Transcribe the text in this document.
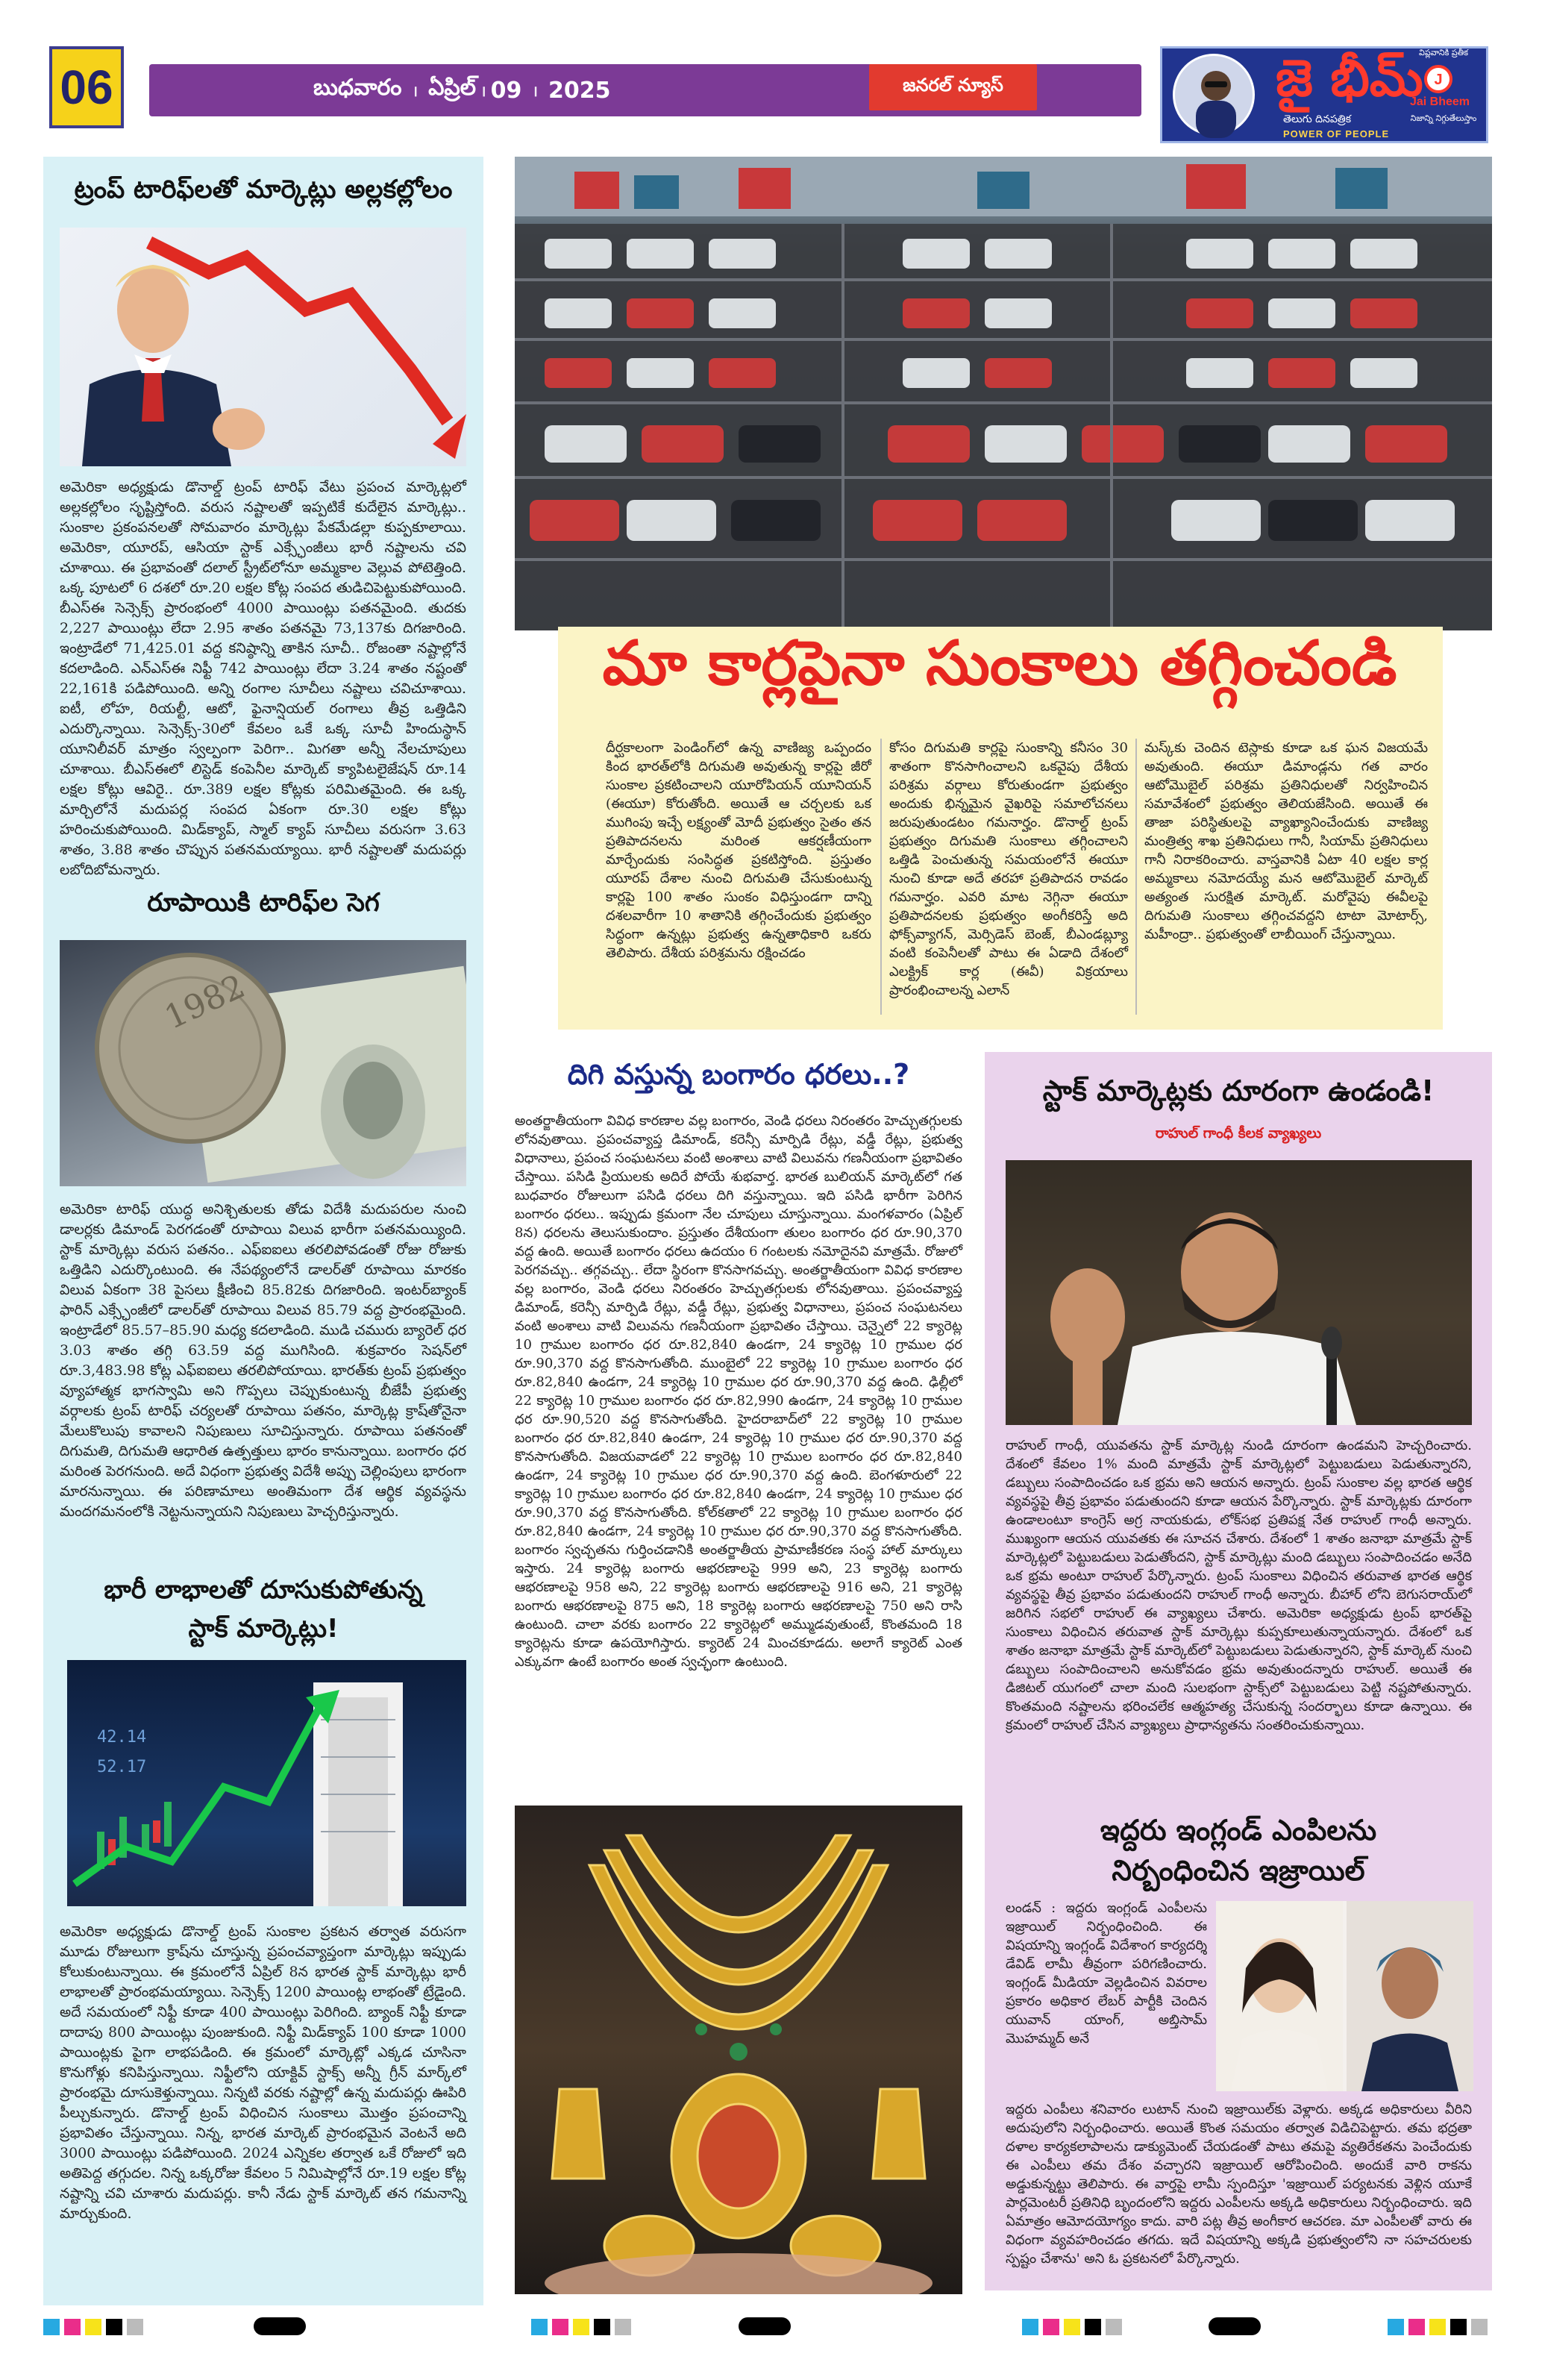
06	బుధవారం । ఏప్రిల్ । 09 । 2025	జనరల్ న్యూస్	జై భీమ్
తెలుగు దినపత్రిక
POWER OF PEOPLE
J
Jai Bheem
విప్లవానికి ప్రతీక
నిజాన్ని నిగ్గుతేలుస్తాం
ట్రంప్ టారిఫ్‌లతో మార్కెట్లు అల్లకల్లోలం
అమెరికా అధ్యక్షుడు డొనాల్డ్ ట్రంప్ టారిఫ్ వేటు ప్రపంచ మార్కెట్లలో అల్లకల్లోలం సృష్టిస్తోంది. వరుస నష్టాలతో ఇప్పటికే కుదేలైన మార్కెట్లు.. సుంకాల ప్రకంపనలతో సోమవారం మార్కెట్లు పేకమేడల్లా కుప్పకూలాయి. అమెరికా, యూరప్, ఆసియా స్టాక్ ఎక్స్ఛేంజీలు భారీ నష్టాలను చవి చూశాయి. ఈ ప్రభావంతో దలాల్ స్ట్రీట్‌లోనూ అమ్మకాల వెల్లువ పోటెత్తింది. ఒక్క పూటలో 6 దశలో రూ.20 లక్షల కోట్ల సంపద తుడిచిపెట్టుకుపోయింది. బీఎస్‌ఈ సెన్సెక్స్ ప్రారంభంలో 4000 పాయింట్లు పతనమైంది. తుదకు 2,227 పాయింట్లు లేదా 2.95 శాతం పతనమై 73,137కు దిగజారింది. ఇంట్రాడేలో 71,425.01 వద్ద కనిష్ఠాన్ని తాకిన సూచీ.. రోజంతా నష్టాల్లోనే కదలాడింది. ఎన్‌ఎస్‌ఈ నిఫ్టీ 742 పాయింట్లు లేదా 3.24 శాతం నష్టంతో 22,161కి పడిపోయింది. అన్ని రంగాల సూచీలు నష్టాలు చవిచూశాయి. ఐటీ, లోహ, రియల్టీ, ఆటో, ఫైనాన్షియల్ రంగాలు తీవ్ర ఒత్తిడిని ఎదుర్కొన్నాయి. సెన్సెక్స్-30లో కేవలం ఒకే ఒక్క సూచీ హిందుస్థాన్ యూనిలీవర్ మాత్రం స్వల్పంగా పెరిగా.. మిగతా అన్నీ నేలచూపులు చూశాయి. బీఎస్‌ఈలో లిస్టెడ్ కంపెనీల మార్కెట్ క్యాపిటలైజేషన్ రూ.14 లక్షల కోట్లు ఆవిరై.. రూ.389 లక్షల కోట్లకు పరిమితమైంది. ఈ ఒక్క మార్చిలోనే మదుపర్ల సంపద ఏకంగా రూ.30 లక్షల కోట్లు హరించుకుపోయింది. మిడ్‌క్యాప్, స్మాల్ క్యాప్ సూచీలు వరుసగా 3.63 శాతం, 3.88 శాతం చొప్పున పతనమయ్యాయి. భారీ నష్టాలతో మదుపర్లు లబోదిబోమన్నారు.
రూపాయికి టారిఫ్‌ల సెగ
1982
అమెరికా టారిఫ్ యుద్ధ అనిశ్చితులకు తోడు విదేశీ మదుపరుల నుంచి డాలర్లకు డిమాండ్ పెరగడంతో రూపాయి విలువ భారీగా పతనమయ్యింది. స్టాక్ మార్కెట్లు వరుస పతనం.. ఎఫ్‌ఐఐలు తరలిపోవడంతో రోజు రోజుకు ఒత్తిడిని ఎదుర్కొంటుంది. ఈ నేపథ్యంలోనే డాలర్‌తో రూపాయి మారకం విలువ ఏకంగా 38 పైసలు క్షీణించి 85.82కు దిగజారింది. ఇంటర్‌బ్యాంక్ ఫారిన్ ఎక్స్ఛేంజీలో డాలర్‌తో రూపాయి విలువ 85.79 వద్ద ప్రారంభమైంది. ఇంట్రాడేలో 85.57–85.90 మధ్య కదలాడింది. ముడి చమురు బ్యారెల్ ధర 3.03 శాతం తగ్గి 63.59 వద్ద ముగిసింది. శుక్రవారం సెషన్‌లో రూ.3,483.98 కోట్ల ఎఫ్‌ఐఐలు తరలిపోయాయి. భారత్‌కు ట్రంప్ ప్రభుత్వం వ్యూహాత్మక భాగస్వామి అని గొప్పలు చెప్పుకుంటున్న బీజేపీ ప్రభుత్వ వర్గాలకు ట్రంప్ టారిఫ్ చర్యలతో రూపాయి పతనం, మార్కెట్ల క్రాష్‌తోనైనా మేలుకొలుపు కావాలని నిపుణులు సూచిస్తున్నారు. రూపాయి పతనంతో దిగుమతి, దిగుమతి ఆధారిత ఉత్పత్తులు భారం కానున్నాయి. బంగారం ధర మరింత పెరగనుంది. అదే విధంగా ప్రభుత్వ విదేశీ అప్పు చెల్లింపులు భారంగా మారనున్నాయి. ఈ పరిణామాలు అంతిమంగా దేశ ఆర్థిక వ్యవస్థను మందగమనంలోకి నెట్టనున్నాయని నిపుణులు హెచ్చరిస్తున్నారు.
భారీ లాభాలతో దూసుకుపోతున్న
స్టాక్ మార్కెట్లు!
42.14
52.17
అమెరికా అధ్యక్షుడు డొనాల్డ్ ట్రంప్ సుంకాల ప్రకటన తర్వాత వరుసగా మూడు రోజులుగా క్రాష్‌ను చూస్తున్న ప్రపంచవ్యాప్తంగా మార్కెట్లు ఇప్పుడు కోలుకుంటున్నాయి. ఈ క్రమంలోనే ఏప్రిల్ 8న భారత స్టాక్ మార్కెట్లు భారీ లాభాలతో ప్రారంభమయ్యాయి. సెన్సెక్స్ 1200 పాయింట్ల లాభంతో ట్రేడైంది. అదే సమయంలో నిఫ్టీ కూడా 400 పాయింట్లు పెరిగింది. బ్యాంక్ నిఫ్టీ కూడా దాదాపు 800 పాయింట్లు పుంజుకుంది. నిఫ్టీ మిడ్‌క్యాప్ 100 కూడా 1000 పాయింట్లకు పైగా లాభపడింది. ఈ క్రమంలో మార్కెట్లో ఎక్కడ చూసినా కొనుగోళ్లు కనిపిస్తున్నాయి. నిఫ్టీలోని యాక్టివ్ స్టాక్స్ అన్నీ గ్రీన్ మార్క్‌లో ప్రారంభమై దూసుకెళ్తున్నాయి. నిన్నటి వరకు నష్టాల్లో ఉన్న మదుపర్లు ఊపిరి పీల్చుకున్నారు. డొనాల్డ్ ట్రంప్ విధించిన సుంకాలు మొత్తం ప్రపంచాన్ని ప్రభావితం చేస్తున్నాయి. నిన్న, భారత మార్కెట్ ప్రారంభమైన వెంటనే అది 3000 పాయింట్లు పడిపోయింది. 2024 ఎన్నికల తర్వాత ఒకే రోజులో ఇది అతిపెద్ద తగ్గుదల. నిన్న ఒక్కరోజు కేవలం 5 నిమిషాల్లోనే రూ.19 లక్షల కోట్ల నష్టాన్ని చవి చూశారు మదుపర్లు. కానీ నేడు స్టాక్ మార్కెట్ తన గమనాన్ని మార్చుకుంది.
మా కార్లపైనా సుంకాలు తగ్గించండి
దీర్ఘకాలంగా పెండింగ్‌లో ఉన్న వాణిజ్య ఒప్పందం కింద భారత్‌లోకి దిగుమతి అవుతున్న కార్లపై జీరో సుంకాల ప్రకటించాలని యూరోపియన్ యూనియన్ (ఈయూ) కోరుతోంది. అయితే ఆ చర్చలకు ఒక ముగింపు ఇచ్చే లక్ష్యంతో మోదీ ప్రభుత్వం సైతం తన ప్రతిపాదనలను మరింత ఆకర్షణీయంగా మార్చేందుకు సంసిద్ధత ప్రకటిస్తోంది. ప్రస్తుతం యూరప్ దేశాల నుంచి దిగుమతి చేసుకుంటున్న కార్లపై 100 శాతం సుంకం విధిస్తుండగా దాన్ని దశలవారీగా 10 శాతానికి తగ్గించేందుకు ప్రభుత్వం సిద్ధంగా ఉన్నట్లు ప్రభుత్వ ఉన్నతాధికారి ఒకరు తెలిపారు. దేశీయ పరిశ్రమను రక్షించడం
కోసం దిగుమతి కార్లపై సుంకాన్ని కనీసం 30 శాతంగా కొనసాగించాలని ఒకవైపు దేశీయ పరిశ్రమ వర్గాలు కోరుతుండగా ప్రభుత్వం అందుకు భిన్నమైన వైఖరిపై సమాలోచనలు జరుపుతుండటం గమనార్హం. డొనాల్డ్ ట్రంప్ ప్రభుత్వం దిగుమతి సుంకాలు తగ్గించాలని ఒత్తిడి పెంచుతున్న సమయంలోనే ఈయూ నుంచి కూడా అదే తరహా ప్రతిపాదన రావడం గమనార్హం. ఎవరి మాట నెగ్గినా ఈయూ ప్రతిపాదనలకు ప్రభుత్వం అంగీకరిస్తే అది ఫోక్స్‌వ్యాగన్, మెర్సిడెస్ బెంజ్, బీఎండబ్ల్యూ వంటి కంపెనీలతో పాటు ఈ ఏడాది దేశంలో ఎలక్ట్రిక్ కార్ల (ఈవీ) విక్రయాలు ప్రారంభించాలన్న ఎలాన్
మస్క్‌కు చెందిన టెస్లాకు కూడా ఒక ఘన విజయమే అవుతుంది. ఈయూ డిమాండ్లను గత వారం ఆటోమొబైల్ పరిశ్రమ ప్రతినిధులతో నిర్వహించిన సమావేశంలో ప్రభుత్వం తెలియజేసింది. అయితే ఈ తాజా పరిస్థితులపై వ్యాఖ్యానించేందుకు వాణిజ్య మంత్రిత్వ శాఖ ప్రతినిధులు గానీ, సియామ్ ప్రతినిధులు గానీ నిరాకరించారు. వాస్తవానికి ఏటా 40 లక్షల కార్ల అమ్మకాలు నమోదయ్యే మన ఆటోమొబైల్ మార్కెట్ అత్యంత సురక్షిత మార్కెట్. మరోవైపు ఈవీలపై దిగుమతి సుంకాలు తగ్గించవద్దని టాటా మోటార్స్, మహీంద్రా.. ప్రభుత్వంతో లాబీయింగ్ చేస్తున్నాయి.
దిగి వస్తున్న బంగారం ధరలు..?
అంతర్జాతీయంగా వివిధ కారణాల వల్ల బంగారం, వెండి ధరలు నిరంతరం హెచ్చుతగ్గులకు లోనవుతాయి. ప్రపంచవ్యాప్త డిమాండ్, కరెన్సీ మార్పిడి రేట్లు, వడ్డీ రేట్లు, ప్రభుత్వ విధానాలు, ప్రపంచ సంఘటనలు వంటి అంశాలు వాటి విలువను గణనీయంగా ప్రభావితం చేస్తాయి. పసిడి ప్రియులకు అదిరే పోయే శుభవార్త. భారత బులియన్ మార్కెట్‌లో గత బుధవారం రోజులుగా పసిడి ధరలు దిగి వస్తున్నాయి. ఇది పసిడి భారీగా పెరిగిన బంగారం ధరలు.. ఇప్పుడు క్రమంగా నేల చూపులు చూస్తున్నాయి. మంగళవారం (ఏప్రిల్ 8న) ధరలను తెలుసుకుందాం. ప్రస్తుతం దేశీయంగా తులం బంగారం ధర రూ.90,370 వద్ద ఉంది. అయితే బంగారం ధరలు ఉదయం 6 గంటలకు నమోదైనవి మాత్రమే. రోజులో పెరగవచ్చు.. తగ్గవచ్చు.. లేదా స్థిరంగా కొనసాగవచ్చు. అంతర్జాతీయంగా వివిధ కారణాల వల్ల బంగారం, వెండి ధరలు నిరంతరం హెచ్చుతగ్గులకు లోనవుతాయి. ప్రపంచవ్యాప్త డిమాండ్, కరెన్సీ మార్పిడి రేట్లు, వడ్డీ రేట్లు, ప్రభుత్వ విధానాలు, ప్రపంచ సంఘటనలు వంటి అంశాలు వాటి విలువను గణనీయంగా ప్రభావితం చేస్తాయి. చెన్నైలో 22 క్యారెట్ల 10 గ్రాముల బంగారం ధర రూ.82,840 ఉండగా, 24 క్యారెట్ల 10 గ్రాముల ధర రూ.90,370 వద్ద కొనసాగుతోంది. ముంబైలో 22 క్యారెట్ల 10 గ్రాముల బంగారం ధర రూ.82,840 ఉండగా, 24 క్యారెట్ల 10 గ్రాముల ధర రూ.90,370 వద్ద ఉంది. ఢిల్లీలో 22 క్యారెట్ల 10 గ్రాముల బంగారం ధర రూ.82,990 ఉండగా, 24 క్యారెట్ల 10 గ్రాముల ధర రూ.90,520 వద్ద కొనసాగుతోంది. హైదరాబాద్‌లో 22 క్యారెట్ల 10 గ్రాముల బంగారం ధర రూ.82,840 ఉండగా, 24 క్యారెట్ల 10 గ్రాముల ధర రూ.90,370 వద్ద కొనసాగుతోంది. విజయవాడలో 22 క్యారెట్ల 10 గ్రాముల బంగారం ధర రూ.82,840 ఉండగా, 24 క్యారెట్ల 10 గ్రాముల ధర రూ.90,370 వద్ద ఉంది. బెంగళూరులో 22 క్యారెట్ల 10 గ్రాముల బంగారం ధర రూ.82,840 ఉండగా, 24 క్యారెట్ల 10 గ్రాముల ధర రూ.90,370 వద్ద కొనసాగుతోంది. కోల్‌కతాలో 22 క్యారెట్ల 10 గ్రాముల బంగారం ధర రూ.82,840 ఉండగా, 24 క్యారెట్ల 10 గ్రాముల ధర రూ.90,370 వద్ద కొనసాగుతోంది. బంగారం స్వచ్ఛతను గుర్తించడానికి అంతర్జాతీయ ప్రామాణీకరణ సంస్థ హాల్ మార్కులు ఇస్తారు. 24 క్యారెట్ల బంగారు ఆభరణాలపై 999 అని, 23 క్యారెట్ల బంగారు ఆభరణాలపై 958 అని, 22 క్యారెట్ల బంగారు ఆభరణాలపై 916 అని, 21 క్యారెట్ల బంగారు ఆభరణాలపై 875 అని, 18 క్యారెట్ల బంగారు ఆభరణాలపై 750 అని రాసి ఉంటుంది. చాలా వరకు బంగారం 22 క్యారెట్లలో అమ్ముడవుతుంటే, కొంతమంది 18 క్యారెట్లను కూడా ఉపయోగిస్తారు. క్యారెట్ 24 మించకూడదు. అలాగే క్యారెట్ ఎంత ఎక్కువగా ఉంటే బంగారం అంత స్వచ్ఛంగా ఉంటుంది.
స్టాక్ మార్కెట్లకు దూరంగా ఉండండి!
రాహుల్ గాంధీ కీలక వ్యాఖ్యలు
రాహుల్ గాంధీ, యువతను స్టాక్ మార్కెట్ల నుండి దూరంగా ఉండమని హెచ్చరించారు. దేశంలో కేవలం 1% మంది మాత్రమే స్టాక్ మార్కెట్లలో పెట్టుబడులు పెడుతున్నారని, డబ్బులు సంపాదించడం ఒక భ్రమ అని ఆయన అన్నారు. ట్రంప్ సుంకాల వల్ల భారత ఆర్థిక వ్యవస్థపై తీవ్ర ప్రభావం పడుతుందని కూడా ఆయన పేర్కొన్నారు. స్టాక్ మార్కెట్లకు దూరంగా ఉండాలంటూ కాంగ్రెస్ అగ్ర నాయకుడు, లోక్‌సభ ప్రతిపక్ష నేత రాహుల్ గాంధీ అన్నారు. ముఖ్యంగా ఆయన యువతకు ఈ సూచన చేశారు. దేశంలో 1 శాతం జనాభా మాత్రమే స్టాక్ మార్కెట్లలో పెట్టుబడులు పెడుతోందని, స్టాక్ మార్కెట్లు మంది డబ్బులు సంపాదించడం అనేది ఒక భ్రమ అంటూ రాహుల్ పేర్కొన్నారు. ట్రంప్ సుంకాలు విధించిన తరువాత భారత ఆర్థిక వ్యవస్థపై తీవ్ర ప్రభావం పడుతుందని రాహుల్ గాంధీ అన్నారు. బీహార్ లోని బెగుసరాయ్‌లో జరిగిన సభలో రాహుల్ ఈ వ్యాఖ్యలు చేశారు. అమెరికా అధ్యక్షుడు ట్రంప్ భారత్‌పై సుంకాలు విధించిన తరువాత స్టాక్ మార్కెట్లు కుప్పకూలుతున్నాయన్నారు. దేశంలో ఒక శాతం జనాభా మాత్రమే స్టాక్ మార్కెట్‌లో పెట్టుబడులు పెడుతున్నారని, స్టాక్ మార్కెట్ నుంచి డబ్బులు సంపాదించాలని అనుకోవడం భ్రమ అవుతుందన్నారు రాహుల్. అయితే ఈ డిజిటల్ యుగంలో చాలా మంది సులభంగా స్టాక్స్‌లో పెట్టుబడులు పెట్టి నష్టపోతున్నారు. కొంతమంది నష్టాలను భరించలేక ఆత్మహత్య చేసుకున్న సందర్భాలు కూడా ఉన్నాయి. ఈ క్రమంలో రాహుల్ చేసిన వ్యాఖ్యలు ప్రాధాన్యతను సంతరించుకున్నాయి.
ఇద్దరు ఇంగ్లండ్ ఎంపిలను
నిర్బంధించిన ఇజ్రాయిల్
లండన్ : ఇద్దరు ఇంగ్లండ్ ఎంపీలను ఇజ్రాయిల్ నిర్బంధించింది. ఈ విషయాన్ని ఇంగ్లండ్ విదేశాంగ కార్యదర్శి డేవిడ్ లామీ తీవ్రంగా పరిగణించారు. ఇంగ్లండ్ మీడియా వెల్లడించిన వివరాల ప్రకారం అధికార లేబర్ పార్టీకి చెందిన యువాన్ యాంగ్, అబ్తిసామ్ మొహమ్మద్ అనే
ఇద్దరు ఎంపీలు శనివారం లుటాన్ నుంచి ఇజ్రాయిల్‌కు వెళ్లారు. అక్కడ అధికారులు వీరిని అదుపులోని నిర్బంధించారు. అయితే కొంత సమయం తర్వాత విడిచిపెట్టారు. తమ భద్రతా దళాల కార్యకలాపాలను డాక్యుమెంట్ చేయడంతో పాటు తమపై వ్యతిరేకతను పెంచేందుకు ఈ ఎంపీలు తమ దేశం వచ్చారని ఇజ్రాయిల్ ఆరోపించింది. అందుకే వారి రాకను అడ్డుకున్నట్టు తెలిపారు. ఈ వార్తపై లామీ స్పందిస్తూ 'ఇజ్రాయిల్ పర్యటనకు వెళ్లిన యూకే పార్లమెంటరీ ప్రతినిధి బృందంలోని ఇద్దరు ఎంపీలను అక్కడి అధికారులు నిర్బంధించారు. ఇది ఏమాత్రం ఆమోదయోగ్యం కాదు. వారి పట్ల తీవ్ర అంగీకార ఆచరణ. మా ఎంపీలతో వారు ఈ విధంగా వ్యవహరించడం తగదు. ఇదే విషయాన్ని అక్కడి ప్రభుత్వంలోని నా సహచరులకు స్పష్టం చేశాను' అని ఓ ప్రకటనలో పేర్కొన్నారు.
